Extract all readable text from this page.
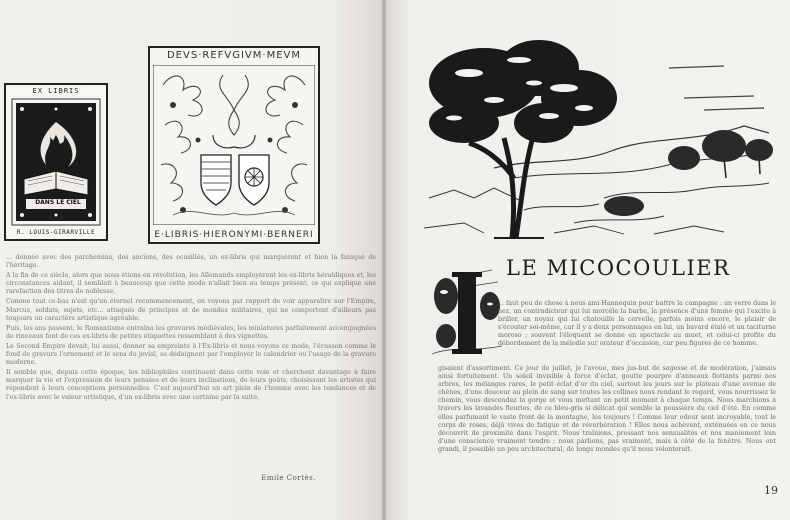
EX LIBRIS
DANS LE CIEL
R. LOUIS-GIRARVILLE
DEVS·REFVGIVM·MEVM
E·LIBRIS·HIERONYMI·BERNERI

... donnée avec des parchemins, des anciens, des ecusillés, un ex-libris qui marquèrent et bien la fanique de l'héritage.

A la fin de ce siècle, alors que nous étions en révolution, les Allemands employèrent les ex-libris héraldiques et, les circonstances aidant, il semblait à beaucoup que cette mode n'allait bien au temps présent, ce qui explique une rarefaction des titres de noblesse.

Comme tout ce-bas n'est qu'un éternel recommencement, on voyons par rapport de voir apparaître sur l'Empire, Marcus, soldats, sujets, etc... attaqués de principes et de mondes militaires, qui ne comportent d'ailleurs pas toujours un caractère artistique agréable.

Puis, les ans passent, le Romantisme entraîna les gravures médiévales, les miniatures parfaitement accompagnées de rinceaux font de ces ex-libris de petites étiquettes ressemblant à des vignettes.

Le Second Empire devait, lui aussi, donner sa empreinte à l'Ex-libris et nous voyons ce mode, l'écusson comme le fond de gravure l'ornement et le sens du jovial, se dédaignent par l'employer le calendrier ou l'usage de la gravure moderne.

Il semble que, depuis cette époque, les bibliophiles continuent dans cette voie et cherchent davantage à faire marquer la vie et l'expression de leurs pensées et de leurs inclinations, de leurs goûts, choisissant les artistes qui répondent à leurs conceptions personnelles. C'est aujourd'hui un art plein de l'homme avec les tendances et de l'ex-libris avec le valeur artistique, d'un ex-libris avec une certaine par la suite.

Emile Cortès.
LE MICOCOULIER
I

... faut peu de chose à nous ami Hannequin pour battre la campagne : un verre dans le nez, un contradicteur qui lui morcèle la barbe, la présence d'une femme qui l'excite à briller, un noyau qui lui chatouille la cervelle, parfois moins encore, le plaisir de s'écouter soi-même, car il y a deux personnages en lui, un bavard étalé et un taciturne moroso ; souvent l'éloquent se donne en spectacle au muet, et celui-ci profite du débordement de la mélodie sur orateur d'occasion, car peu figures de ce homme.

gisaient d'assortiment. Ce jour de juillet, je l'avoue, mes jus-but de sagesse et de modération, j'aimais ainsi fortuitement. Un soleil invisible à force d'éclat, goutte pourpre d'anneaux flottants parmi nos arbres, les mélanges rares, le petit éclat d'or du ciel, surtout les jours sur le plateau d'une avenue de chênes, d'une douceur au plein de sang sur toutes les collines nous rendant le regard, vous nourrissez le chemin, vous descendez la gorge et vous mettant un petit moment à chaque temps. Nous marchions à travers les lavandes fleuries, de ce bleu-gris si délicat qui semble la poussière du ciel d'été. En comme ellos parfumant le vaste front de la montagne, les toujours ! Comme leur odeur sent incroyable, tout le corps de roses, déjà vives de fatigue et de réverbération ! Elles nous achèvent, exténuées en ce nous découvrit de proximité dans l'esprit. Nous traînions, pressant nos sensualités et nos maniement loin d'une conscience vraiment tendre ; nous parlions, pas vraiment, mais à côté de la fenêtre. Nous ont grandi, il possible un peu architectural, de longs mondes qu'il nous volonterait.

19
